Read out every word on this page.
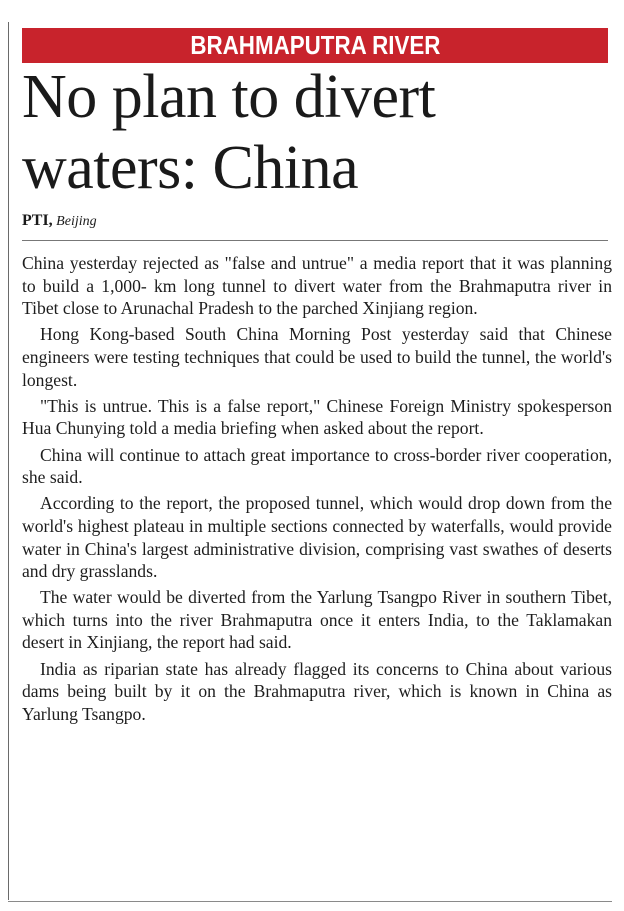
BRAHMAPUTRA RIVER
No plan to divert waters: China
PTI, Beijing

China yesterday rejected as "false and untrue" a media report that it was planning to build a 1,000- km long tunnel to divert water from the Brahmaputra river in Tibet close to Arunachal Pradesh to the parched Xinjiang region.

Hong Kong-based South China Morning Post yesterday said that Chinese engineers were testing techniques that could be used to build the tunnel, the world's longest.

"This is untrue. This is a false report," Chinese Foreign Ministry spokesperson Hua Chunying told a media briefing when asked about the report.

China will continue to attach great importance to cross-border river cooperation, she said.

According to the report, the proposed tunnel, which would drop down from the world's highest plateau in multiple sections connected by waterfalls, would provide water in China's largest administrative division, comprising vast swathes of deserts and dry grasslands.

The water would be diverted from the Yarlung Tsangpo River in southern Tibet, which turns into the river Brahmaputra once it enters India, to the Taklamakan desert in Xinjiang, the report had said.

India as riparian state has already flagged its concerns to China about various dams being built by it on the Brahmaputra river, which is known in China as Yarlung Tsangpo.
